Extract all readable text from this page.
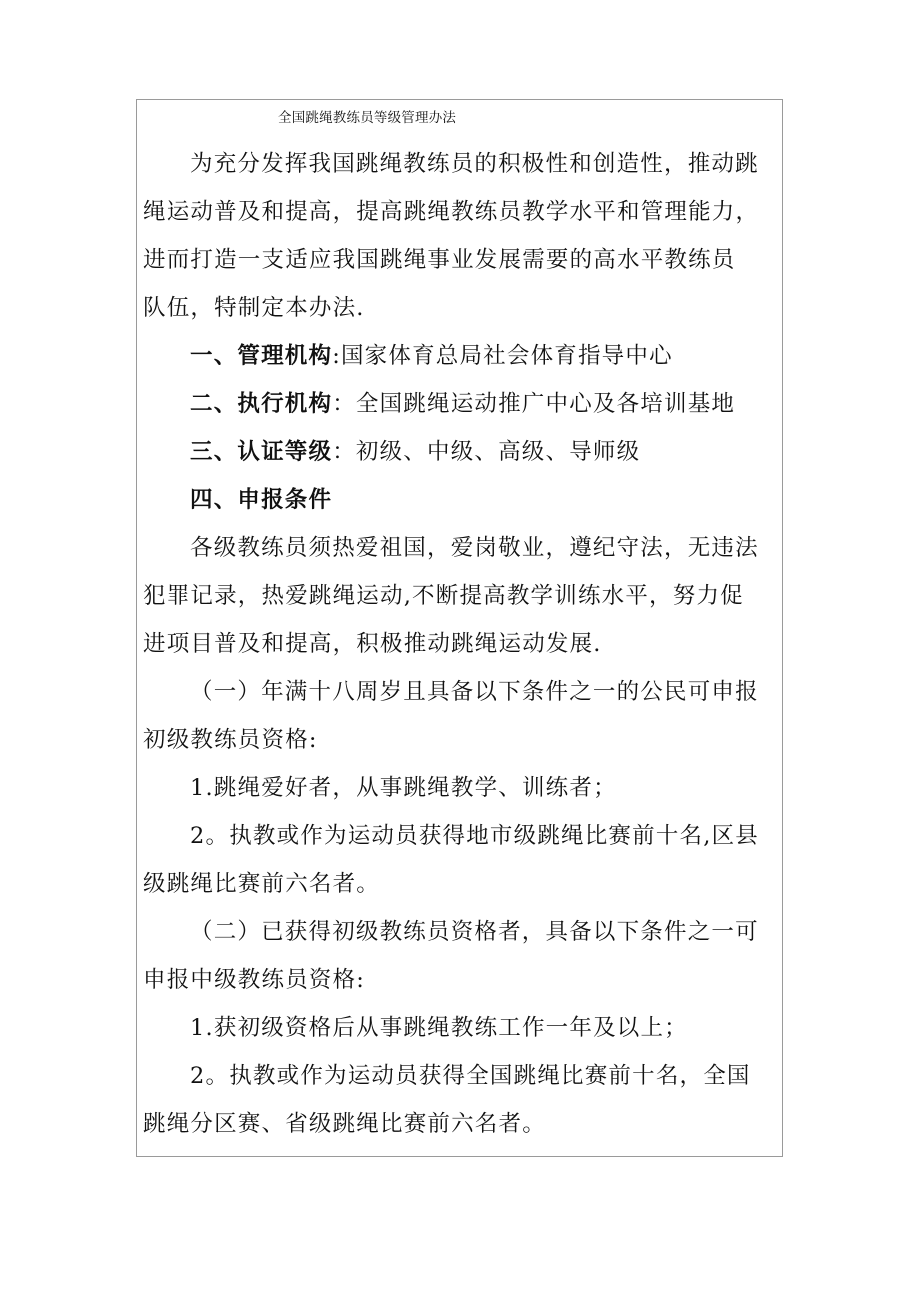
全国跳绳教练员等级管理办法
为充分发挥我国跳绳教练员的积极性和创造性，推动跳
绳运动普及和提高，提高跳绳教练员教学水平和管理能力，
进而打造一支适应我国跳绳事业发展需要的高水平教练员
队伍，特制定本办法.
一、管理机构:国家体育总局社会体育指导中心
二、执行机构：全国跳绳运动推广中心及各培训基地
三、认证等级：初级、中级、高级、导师级
四、申报条件
各级教练员须热爱祖国，爱岗敬业，遵纪守法，无违法
犯罪记录，热爱跳绳运动,不断提高教学训练水平，努力促
进项目普及和提高，积极推动跳绳运动发展.
（一）年满十八周岁且具备以下条件之一的公民可申报
初级教练员资格:
1.跳绳爱好者，从事跳绳教学、训练者；
2。执教或作为运动员获得地市级跳绳比赛前十名,区县
级跳绳比赛前六名者。
（二）已获得初级教练员资格者，具备以下条件之一可
申报中级教练员资格:
1.获初级资格后从事跳绳教练工作一年及以上；
2。执教或作为运动员获得全国跳绳比赛前十名，全国
跳绳分区赛、省级跳绳比赛前六名者。
